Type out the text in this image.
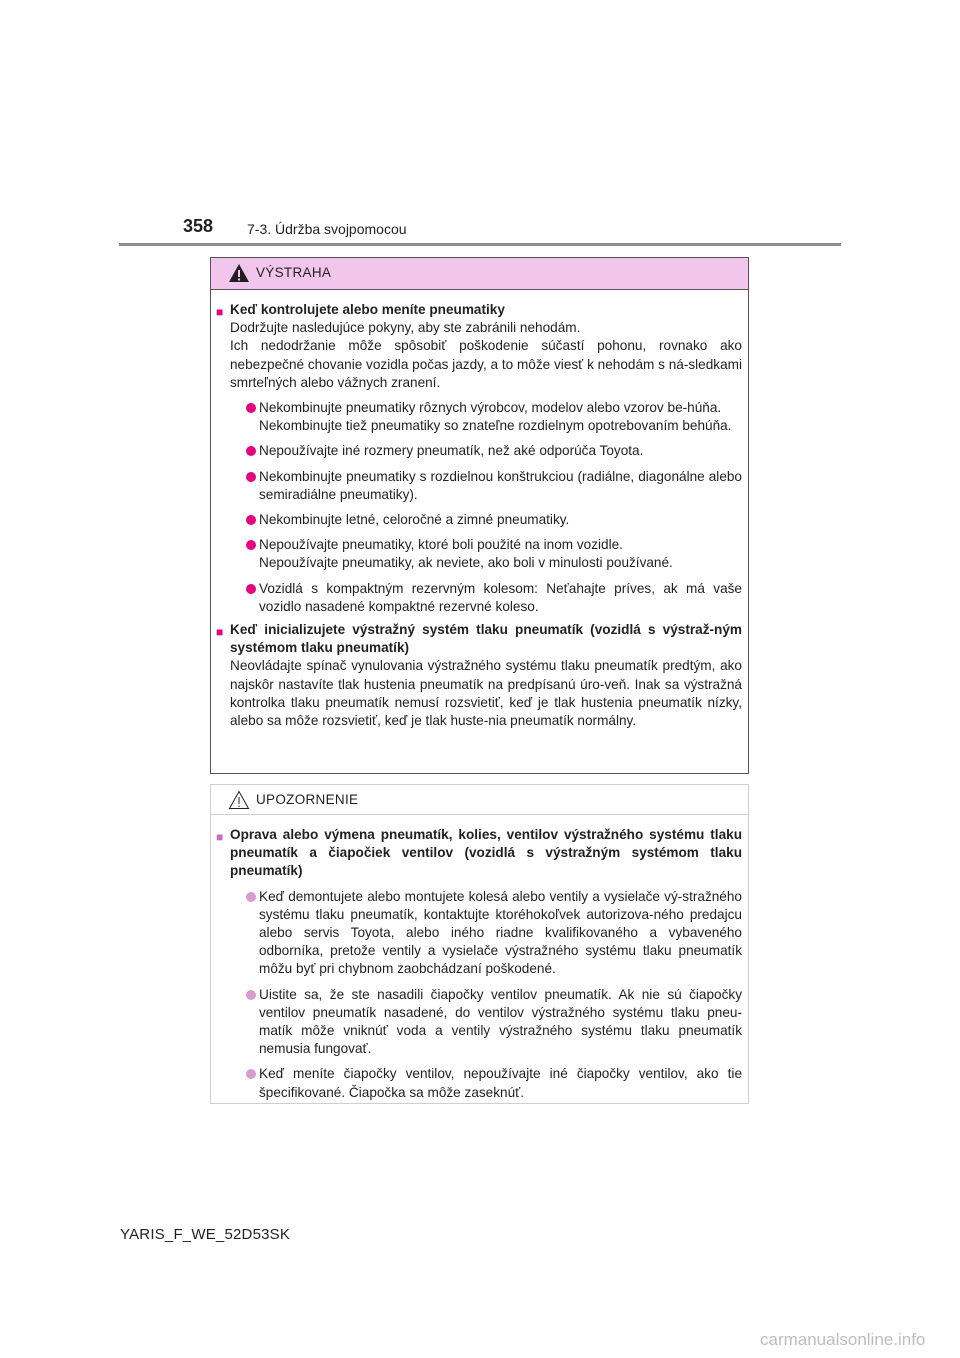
358 7-3. Údržba svojpomocou
VÝSTRAHA
■ Keď kontrolujete alebo meníte pneumatiky

Dodržujte nasledujúce pokyny, aby ste zabránili nehodám.

Ich nedodržanie môže spôsobiť poškodenie súčastí pohonu, rovnako ako nebezpečné chovanie vozidla počas jazdy, a to môže viesť k nehodám s ná-sledkami smrteľných alebo vážnych zranení.

Nekombinujte pneumatiky rôznych výrobcov, modelov alebo vzorov be-húňa.
Nekombinujte tiež pneumatiky so znateľne rozdielnym opotrebovaním behúňa.
Nepoužívajte iné rozmery pneumatík, než aké odporúča Toyota.
Nekombinujte pneumatiky s rozdielnou konštrukciou (radiálne, diagonálne alebo semiradiálne pneumatiky).
Nekombinujte letné, celoročné a zimné pneumatiky.
Nepoužívajte pneumatiky, ktoré boli použité na inom vozidle.
Nepoužívajte pneumatiky, ak neviete, ako boli v minulosti používané.
Vozidlá s kompaktným rezervným kolesom: Neťahajte príves, ak má vaše vozidlo nasadené kompaktné rezervné koleso.
■ Keď inicializujete výstražný systém tlaku pneumatík (vozidlá s výstraž-ným systémom tlaku pneumatík)

Neovládajte spínač vynulovania výstražného systému tlaku pneumatík predtým, ako najskôr nastavíte tlak hustenia pneumatík na predpísanú úro-veň. Inak sa výstražná kontrolka tlaku pneumatík nemusí rozsvietiť, keď je tlak hustenia pneumatík nízky, alebo sa môže rozsvietiť, keď je tlak huste-nia pneumatík normálny.

UPOZORNENIE
■ Oprava alebo výmena pneumatík, kolies, ventilov výstražného systému tlaku pneumatík a čiapočiek ventilov (vozidlá s výstražným systémom tlaku pneumatík)
Keď demontujete alebo montujete kolesá alebo ventily a vysielače vý-stražného systému tlaku pneumatík, kontaktujte ktoréhokoľvek autorizova-ného predajcu alebo servis Toyota, alebo iného riadne kvalifikovaného a vybaveného odborníka, pretože ventily a vysielače výstražného systému tlaku pneumatík môžu byť pri chybnom zaobchádzaní poškodené.
Uistite sa, že ste nasadili čiapočky ventilov pneumatík. Ak nie sú čiapočky ventilov pneumatík nasadené, do ventilov výstražného systému tlaku pneu-matík môže vniknúť voda a ventily výstražného systému tlaku pneumatík nemusia fungovať.
Keď meníte čiapočky ventilov, nepoužívajte iné čiapočky ventilov, ako tie špecifikované. Čiapočka sa môže zaseknúť.
YARIS_F_WE_52D53SK
carmanualsonline.info
